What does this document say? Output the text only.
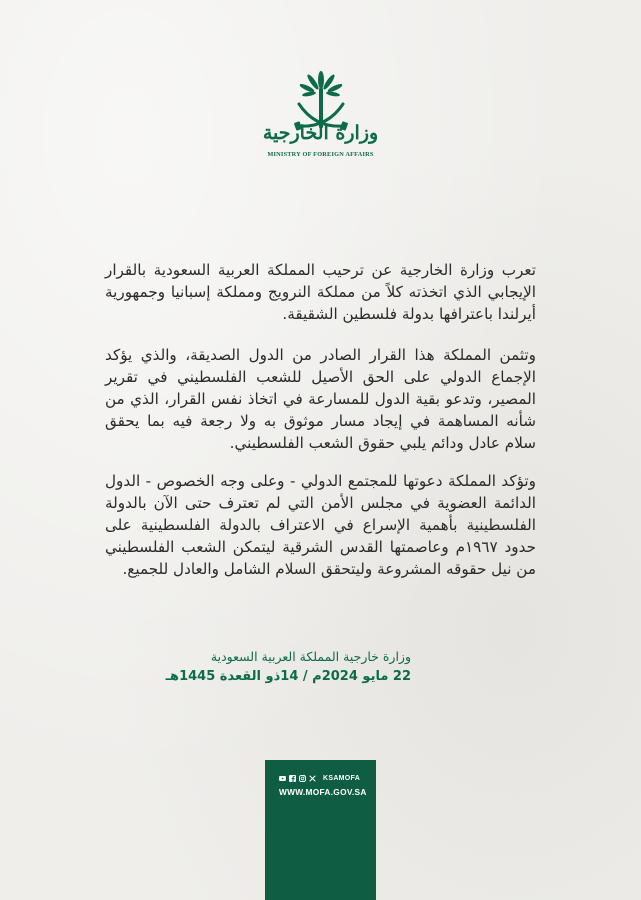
وزارة الخارجية
MINISTRY OF FOREIGN AFFAIRS

تعرب وزارة الخارجية عن ترحيب المملكة العربية السعودية بالقرار الإيجابي الذي اتخذته كلاً من مملكة النرويج ومملكة إسبانيا وجمهورية أيرلندا باعترافها بدولة فلسطين الشقيقة.

وتثمن المملكة هذا القرار الصادر من الدول الصديقة، والذي يؤكد الإجماع الدولي على الحق الأصيل للشعب الفلسطيني في تقرير المصير، وتدعو بقية الدول للمسارعة في اتخاذ نفس القرار، الذي من شأنه المساهمة في إيجاد مسار موثوق به ولا رجعة فيه بما يحقق سلام عادل ودائم يلبي حقوق الشعب الفلسطيني.

وتؤكد المملكة دعوتها للمجتمع الدولي - وعلى وجه الخصوص - الدول الدائمة العضوية في مجلس الأمن التي لم تعترف حتى الآن بالدولة الفلسطينية بأهمية الإسراع في الاعتراف بالدولة الفلسطينية على حدود ١٩٦٧م وعاصمتها القدس الشرقية ليتمكن الشعب الفلسطيني من نيل حقوقه المشروعة وليتحقق السلام الشامل والعادل للجميع.

وزارة خارجية المملكة العربية السعودية
22 مايو 2024م / 14ذو القعدة 1445هـ
KSAMOFA
WWW.MOFA.GOV.SA
